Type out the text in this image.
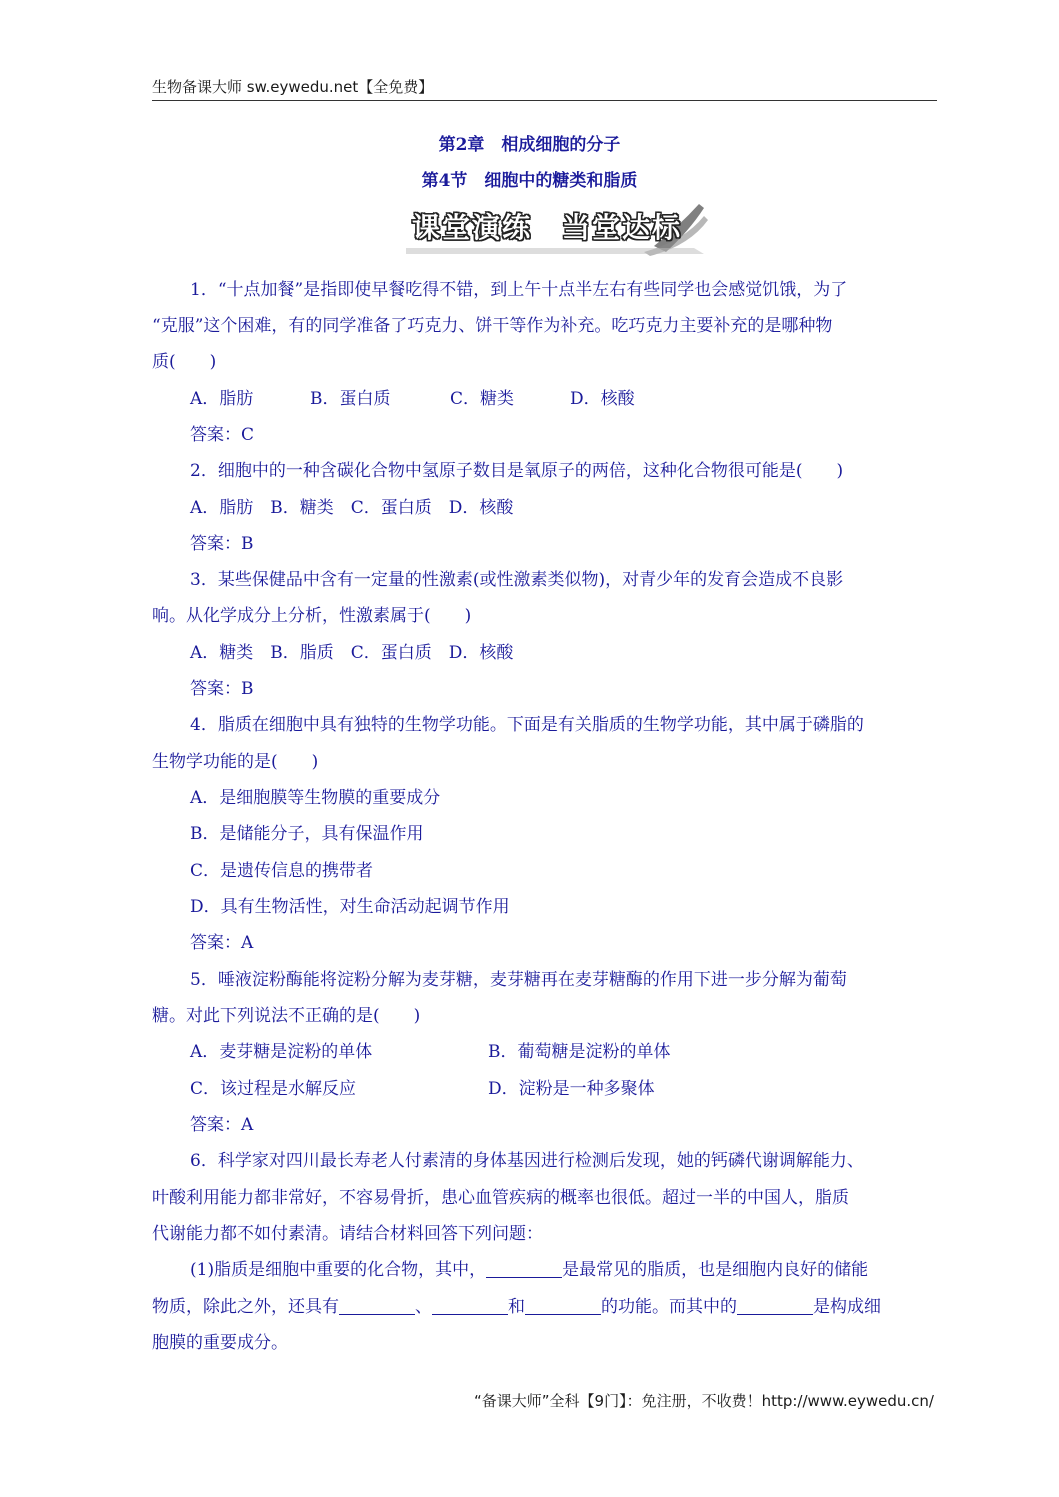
生物备课大师 sw.eywedu.net【全免费】
第2章　相成细胞的分子
第4节　细胞中的糖类和脂质
课堂演练　当堂达标
1．“十点加餐”是指即使早餐吃得不错，到上午十点半左右有些同学也会感觉饥饿，为了
“克服”这个困难，有的同学准备了巧克力、饼干等作为补充。吃巧克力主要补充的是哪种物
质(　　)
A．脂肪	B．蛋白质	C．糖类	D．核酸
答案：C
2．细胞中的一种含碳化合物中氢原子数目是氧原子的两倍，这种化合物很可能是(　　)
A．脂肪　B．糖类　C．蛋白质　D．核酸
答案：B
3．某些保健品中含有一定量的性激素(或性激素类似物)，对青少年的发育会造成不良影
响。从化学成分上分析，性激素属于(　　)
A．糖类　B．脂质　C．蛋白质　D．核酸
答案：B
4．脂质在细胞中具有独特的生物学功能。下面是有关脂质的生物学功能，其中属于磷脂的
生物学功能的是(　　)
A．是细胞膜等生物膜的重要成分
B．是储能分子，具有保温作用
C．是遗传信息的携带者
D．具有生物活性，对生命活动起调节作用
答案：A
5．唾液淀粉酶能将淀粉分解为麦芽糖，麦芽糖再在麦芽糖酶的作用下进一步分解为葡萄
糖。对此下列说法不正确的是(　　)
A．麦芽糖是淀粉的单体	B．葡萄糖是淀粉的单体
C．该过程是水解反应	D．淀粉是一种多聚体
答案：A
6．科学家对四川最长寿老人付素清的身体基因进行检测后发现，她的钙磷代谢调解能力、
叶酸利用能力都非常好，不容易骨折，患心血管疾病的概率也很低。超过一半的中国人，脂质
代谢能力都不如付素清。请结合材料回答下列问题：
(1)脂质是细胞中重要的化合物，其中，	是最常见的脂质，也是细胞内良好的储能
物质，除此之外，还具有	、	和	的功能。而其中的	是构成细
胞膜的重要成分。
“备课大师”全科【9门】：免注册，不收费！http://www.eywedu.cn/
